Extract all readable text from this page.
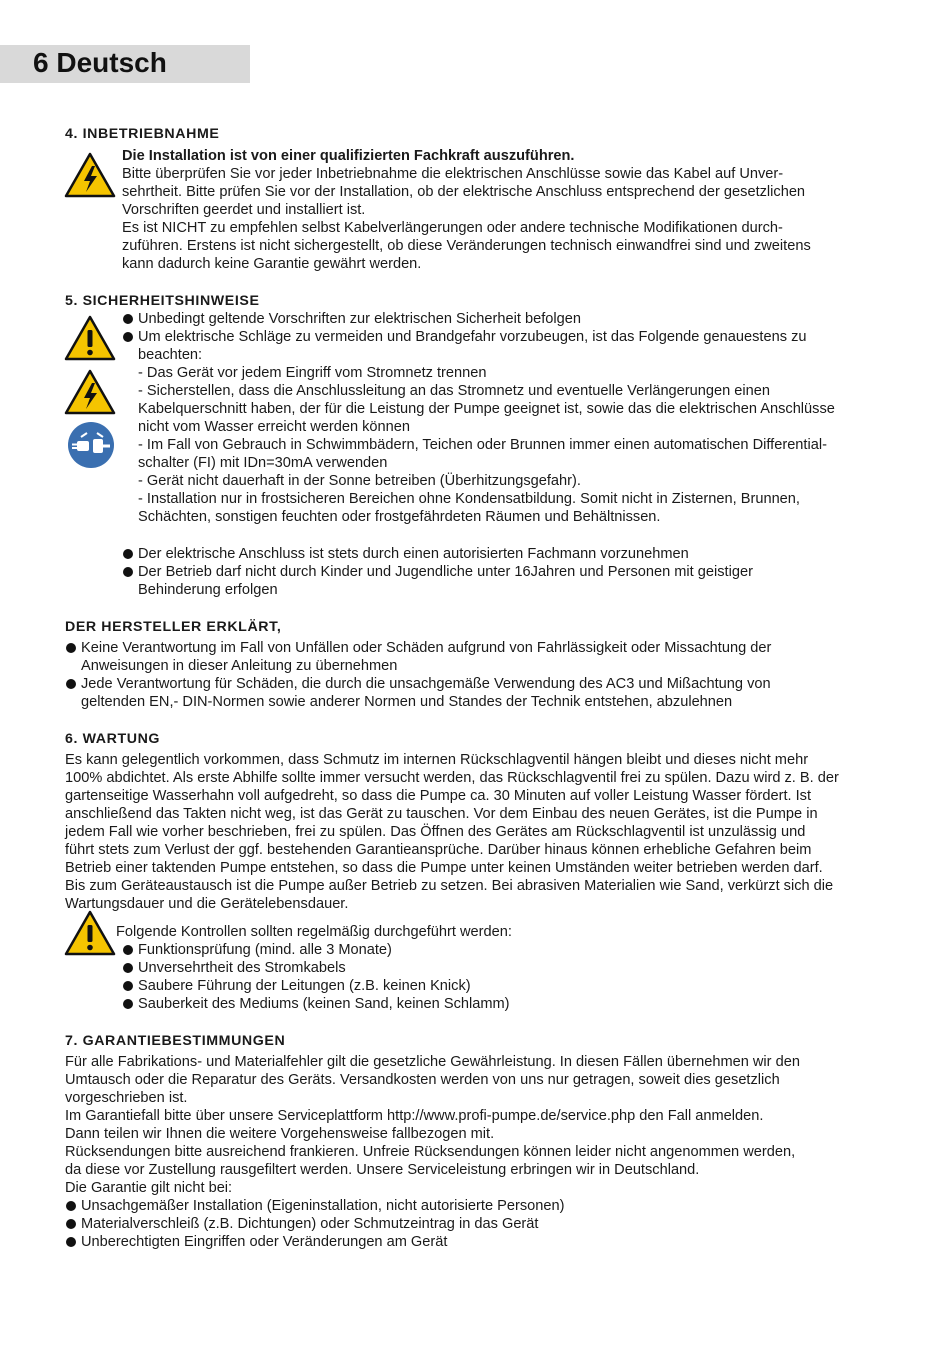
6 Deutsch
4. INBETRIEBNAHME
Die Installation ist von einer qualifizierten Fachkraft auszuführen.
Bitte überprüfen Sie vor jeder Inbetriebnahme die elektrischen Anschlüsse sowie das Kabel auf Unver-
sehrtheit. Bitte prüfen Sie vor der Installation, ob der elektrische Anschluss entsprechend der gesetzlichen
Vorschriften geerdet und installiert ist.
Es ist NICHT zu empfehlen selbst Kabelverlängerungen oder andere technische Modifikationen durch-
zuführen. Erstens ist nicht sichergestellt, ob diese Veränderungen technisch einwandfrei sind und zweitens
kann dadurch keine Garantie gewährt werden.
5. SICHERHEITSHINWEISE
Unbedingt geltende Vorschriften zur elektrischen Sicherheit befolgen
Um elektrische Schläge zu vermeiden und Brandgefahr vorzubeugen, ist das Folgende genauestens zu
beachten:
- Das Gerät vor jedem Eingriff vom Stromnetz trennen
- Sicherstellen, dass die Anschlussleitung an das Stromnetz und eventuelle Verlängerungen einen
Kabelquerschnitt haben, der für die Leistung der Pumpe geeignet ist, sowie das die elektrischen Anschlüsse
nicht vom Wasser erreicht werden können
- Im Fall von Gebrauch in Schwimmbädern, Teichen oder Brunnen immer einen automatischen Differential-
schalter (FI) mit IDn=30mA verwenden
- Gerät nicht dauerhaft in der Sonne betreiben (Überhitzungsgefahr).
- Installation nur in frostsicheren Bereichen ohne Kondensatbildung. Somit nicht in Zisternen, Brunnen,
Schächten, sonstigen feuchten oder frostgefährdeten Räumen und Behältnissen.
Der elektrische Anschluss ist stets durch einen autorisierten Fachmann vorzunehmen
Der Betrieb darf nicht durch Kinder und Jugendliche unter 16Jahren und Personen mit geistiger
Behinderung erfolgen
DER HERSTELLER ERKLÄRT,
Keine Verantwortung im Fall von Unfällen oder Schäden aufgrund von Fahrlässigkeit oder Missachtung der
Anweisungen in dieser Anleitung zu übernehmen
Jede Verantwortung für Schäden, die durch die unsachgemäße Verwendung des AC3 und Mißachtung von
geltenden EN,- DIN-Normen sowie anderer Normen und Standes der Technik entstehen, abzulehnen
6. WARTUNG
Es kann gelegentlich vorkommen, dass Schmutz im internen Rückschlagventil hängen bleibt und dieses nicht mehr
100% abdichtet. Als erste Abhilfe sollte immer versucht werden, das Rückschlagventil frei zu spülen. Dazu wird z. B. der
gartenseitige Wasserhahn voll aufgedreht, so dass die Pumpe ca. 30 Minuten auf voller Leistung Wasser fördert. Ist
anschließend das Takten nicht weg, ist das Gerät zu tauschen. Vor dem Einbau des neuen Gerätes, ist die Pumpe in
jedem Fall wie vorher beschrieben, frei zu spülen. Das Öffnen des Gerätes am Rückschlagventil ist unzulässig und
führt stets zum Verlust der ggf. bestehenden Garantieansprüche. Darüber hinaus können erhebliche Gefahren beim
Betrieb einer taktenden Pumpe entstehen, so dass die Pumpe unter keinen Umständen weiter betrieben werden darf.
Bis zum Geräteaustausch ist die Pumpe außer Betrieb zu setzen. Bei abrasiven Materialien wie Sand, verkürzt sich die
Wartungsdauer und die Gerätelebensdauer.
Folgende Kontrollen sollten regelmäßig durchgeführt werden:
Funktionsprüfung (mind. alle 3 Monate)
Unversehrtheit des Stromkabels
Saubere Führung der Leitungen (z.B. keinen Knick)
Sauberkeit des Mediums (keinen Sand, keinen Schlamm)
7. GARANTIEBESTIMMUNGEN
Für alle Fabrikations- und Materialfehler gilt die gesetzliche Gewährleistung. In diesen Fällen übernehmen wir den
Umtausch oder die Reparatur des Geräts. Versandkosten werden von uns nur getragen, soweit dies gesetzlich
vorgeschrieben ist.
Im Garantiefall bitte über unsere Serviceplattform http://www.profi-pumpe.de/service.php den Fall anmelden.
Dann teilen wir Ihnen die weitere Vorgehensweise fallbezogen mit.
Rücksendungen bitte ausreichend frankieren. Unfreie Rücksendungen können leider nicht angenommen werden,
da diese vor Zustellung rausgefiltert werden. Unsere Serviceleistung erbringen wir in Deutschland.
Die Garantie gilt nicht bei:
Unsachgemäßer Installation (Eigeninstallation, nicht autorisierte Personen)
Materialverschleiß (z.B. Dichtungen) oder Schmutzeintrag in das Gerät
Unberechtigten Eingriffen oder Veränderungen am Gerät
